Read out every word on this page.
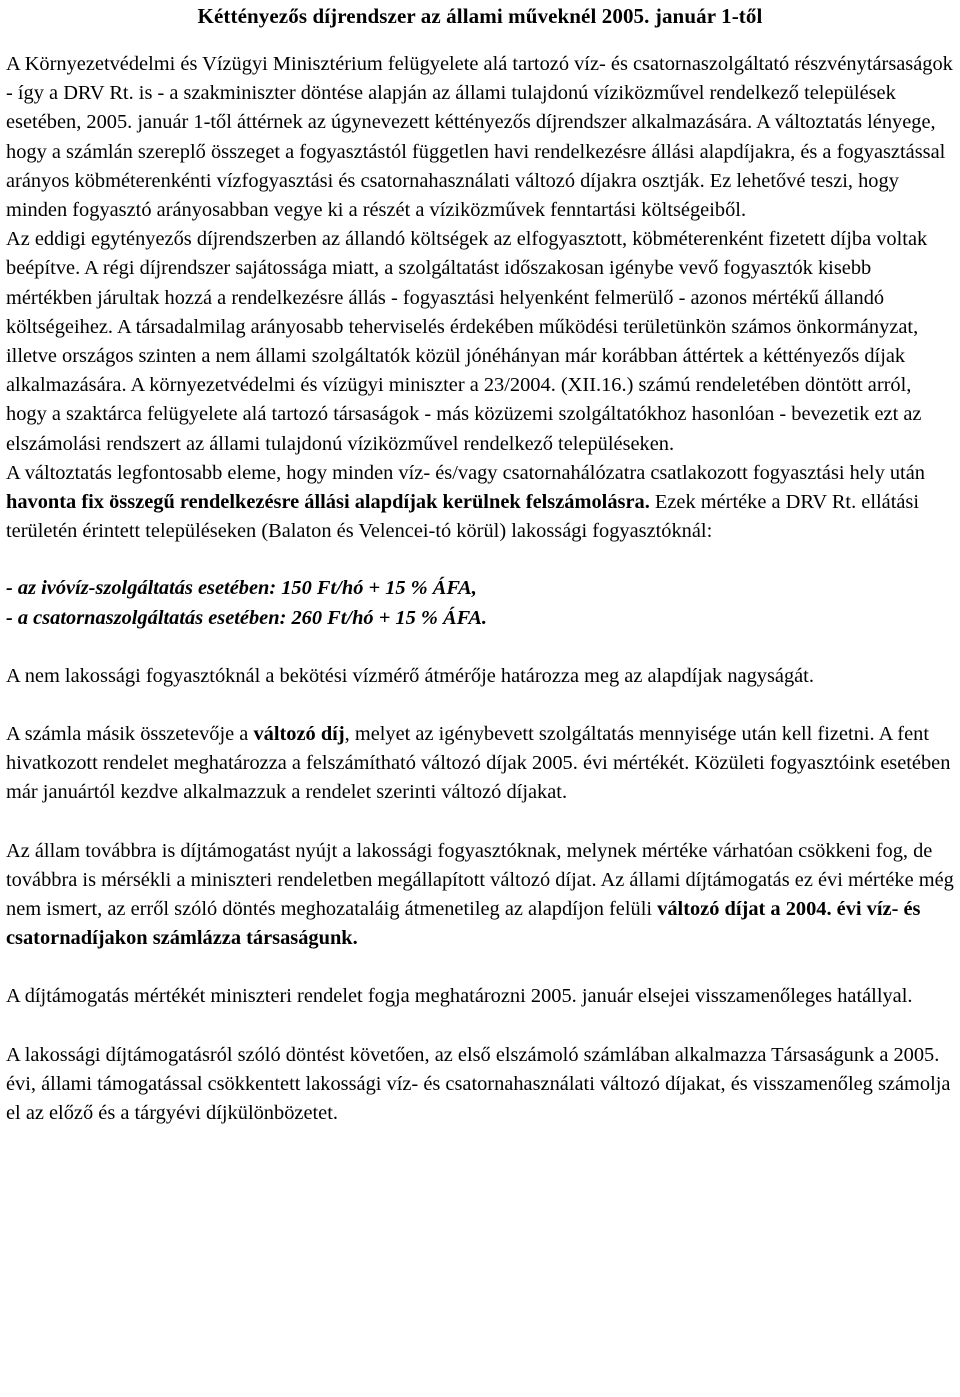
Kéttényezős díjrendszer az állami műveknél 2005. január 1-től

A Környezetvédelmi és Vízügyi Minisztérium felügyelete alá tartozó víz- és csatornaszolgáltató részvénytársaságok - így a DRV Rt. is - a szakminiszter döntése alapján az állami tulajdonú víziközművel rendelkező települések esetében, 2005. január 1-től áttérnek az úgynevezett kéttényezős díjrendszer alkalmazására. A változtatás lényege, hogy a számlán szereplő összeget a fogyasztástól független havi rendelkezésre állási alapdíjakra, és a fogyasztással arányos köbméterenkénti vízfogyasztási és csatornahasználati változó díjakra osztják. Ez lehetővé teszi, hogy minden fogyasztó arányosabban vegye ki a részét a víziközművek fenntartási költségeiből.

Az eddigi egytényezős díjrendszerben az állandó költségek az elfogyasztott, köbméterenként fizetett díjba voltak beépítve. A régi díjrendszer sajátossága miatt, a szolgáltatást időszakosan igénybe vevő fogyasztók kisebb mértékben járultak hozzá a rendelkezésre állás - fogyasztási helyenként felmerülő - azonos mértékű állandó költségeihez. A társadalmilag arányosabb teherviselés érdekében működési területünkön számos önkormányzat, illetve országos szinten a nem állami szolgáltatók közül jónéhányan már korábban áttértek a kéttényezős díjak alkalmazására. A környezetvédelmi és vízügyi miniszter a 23/2004. (XII.16.) számú rendeletében döntött arról, hogy a szaktárca felügyelete alá tartozó társaságok - más közüzemi szolgáltatókhoz hasonlóan - bevezetik ezt az elszámolási rendszert az állami tulajdonú víziközművel rendelkező településeken.

A változtatás legfontosabb eleme, hogy minden víz- és/vagy csatornahálózatra csatlakozott fogyasztási hely után havonta fix összegű rendelkezésre állási alapdíjak kerülnek felszámolásra. Ezek mértéke a DRV Rt. ellátási területén érintett településeken (Balaton és Velencei-tó körül) lakossági fogyasztóknál:

- az ivóvíz-szolgáltatás esetében: 150 Ft/hó + 15 % ÁFA,

- a csatornaszolgáltatás esetében: 260 Ft/hó + 15 % ÁFA.

A nem lakossági fogyasztóknál a bekötési vízmérő átmérője határozza meg az alapdíjak nagyságát.

A számla másik összetevője a változó díj, melyet az igénybevett szolgáltatás mennyisége után kell fizetni. A fent hivatkozott rendelet meghatározza a felszámítható változó díjak 2005. évi mértékét. Közületi fogyasztóink esetében már januártól kezdve alkalmazzuk a rendelet szerinti változó díjakat.

Az állam továbbra is díjtámogatást nyújt a lakossági fogyasztóknak, melynek mértéke várhatóan csökkeni fog, de továbbra is mérsékli a miniszteri rendeletben megállapított változó díjat. Az állami díjtámogatás ez évi mértéke még nem ismert, az erről szóló döntés meghozataláig átmenetileg az alapdíjon felüli változó díjat a 2004. évi víz- és csatornadíjakon számlázza társaságunk.

A díjtámogatás mértékét miniszteri rendelet fogja meghatározni 2005. január elsejei visszamenőleges hatállyal.

A lakossági díjtámogatásról szóló döntést követően, az első elszámoló számlában alkalmazza Társaságunk a 2005. évi, állami támogatással csökkentett lakossági víz- és csatornahasználati változó díjakat, és visszamenőleg számolja el az előző és a tárgyévi díjkülönbözetet.
